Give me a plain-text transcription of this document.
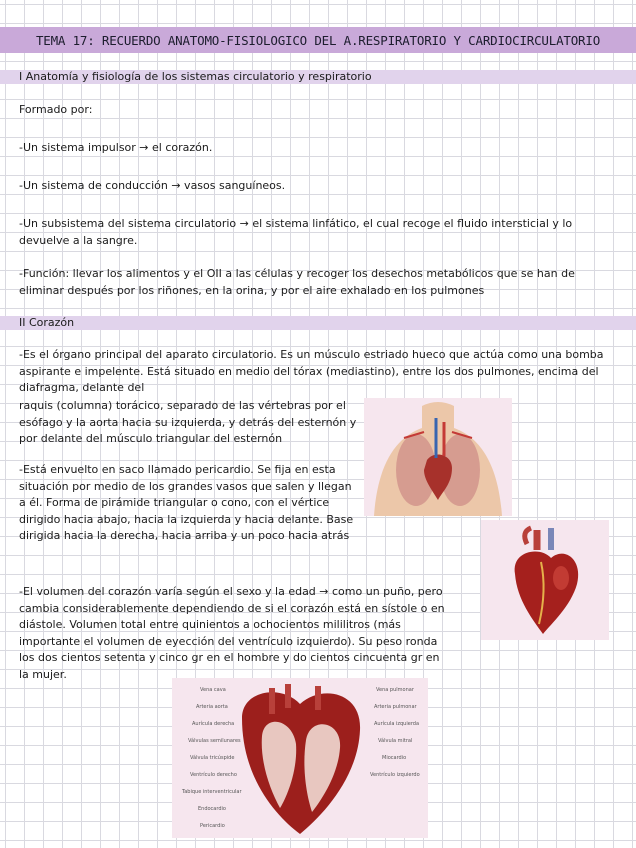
TEMA 17: RECUERDO ANATOMO-FISIOLOGICO DEL A.RESPIRATORIO Y CARDIOCIRCULATORIO
I Anatomía y fisiología de los sistemas circulatorio y respiratorio
Formado por:
-Un sistema impulsor → el corazón.
-Un sistema de conducción → vasos sanguíneos.
-Un subsistema del sistema circulatorio → el sistema linfático, el cual recoge el fluido intersticial y lo devuelve a la sangre.
-Función: llevar los alimentos y el OII a las células y recoger los desechos metabólicos que se han de eliminar después por los riñones, en la orina, y por el aire exhalado en los pulmones
II Corazón
-Es el órgano principal del aparato circulatorio. Es un músculo estriado hueco que actúa como una bomba aspirante e impelente. Está situado en medio del tórax (mediastino), entre los dos pulmones, encima del diafragma, delante del
raquis (columna) torácico, separado de las vértebras por el esófago y la aorta hacia su izquierda, y detrás del esternón y por delante del músculo triangular del esternón
-Está envuelto en saco llamado pericardio. Se fija en esta situación por medio de los grandes vasos que salen y llegan a él. Forma de pirámide triangular o cono, con el vértice dirigido hacia abajo, hacia la izquierda y hacia delante. Base dirigida hacia la derecha, hacia arriba y un poco hacia atrás
-El volumen del corazón varía según el sexo y la edad → como un puño, pero cambia considerablemente dependiendo de si el corazón está en sístole o en diástole. Volumen total entre quinientos a ochocientos mililitros (más importante el volumen de eyección del ventrículo izquierdo). Su peso ronda los dos cientos setenta y cinco gr en el hombre y do cientos cincuenta gr en la mujer.
Vena cava
Arteria aorta
Aurícula derecha
Válvulas semilunares
Válvula tricúspide
Ventrículo derecho
Tabique interventricular
Endocardio
Pericardio
Vena pulmonar
Arteria pulmonar
Aurícula izquierda
Válvula mitral
Miocardio
Ventrículo izquierdo
